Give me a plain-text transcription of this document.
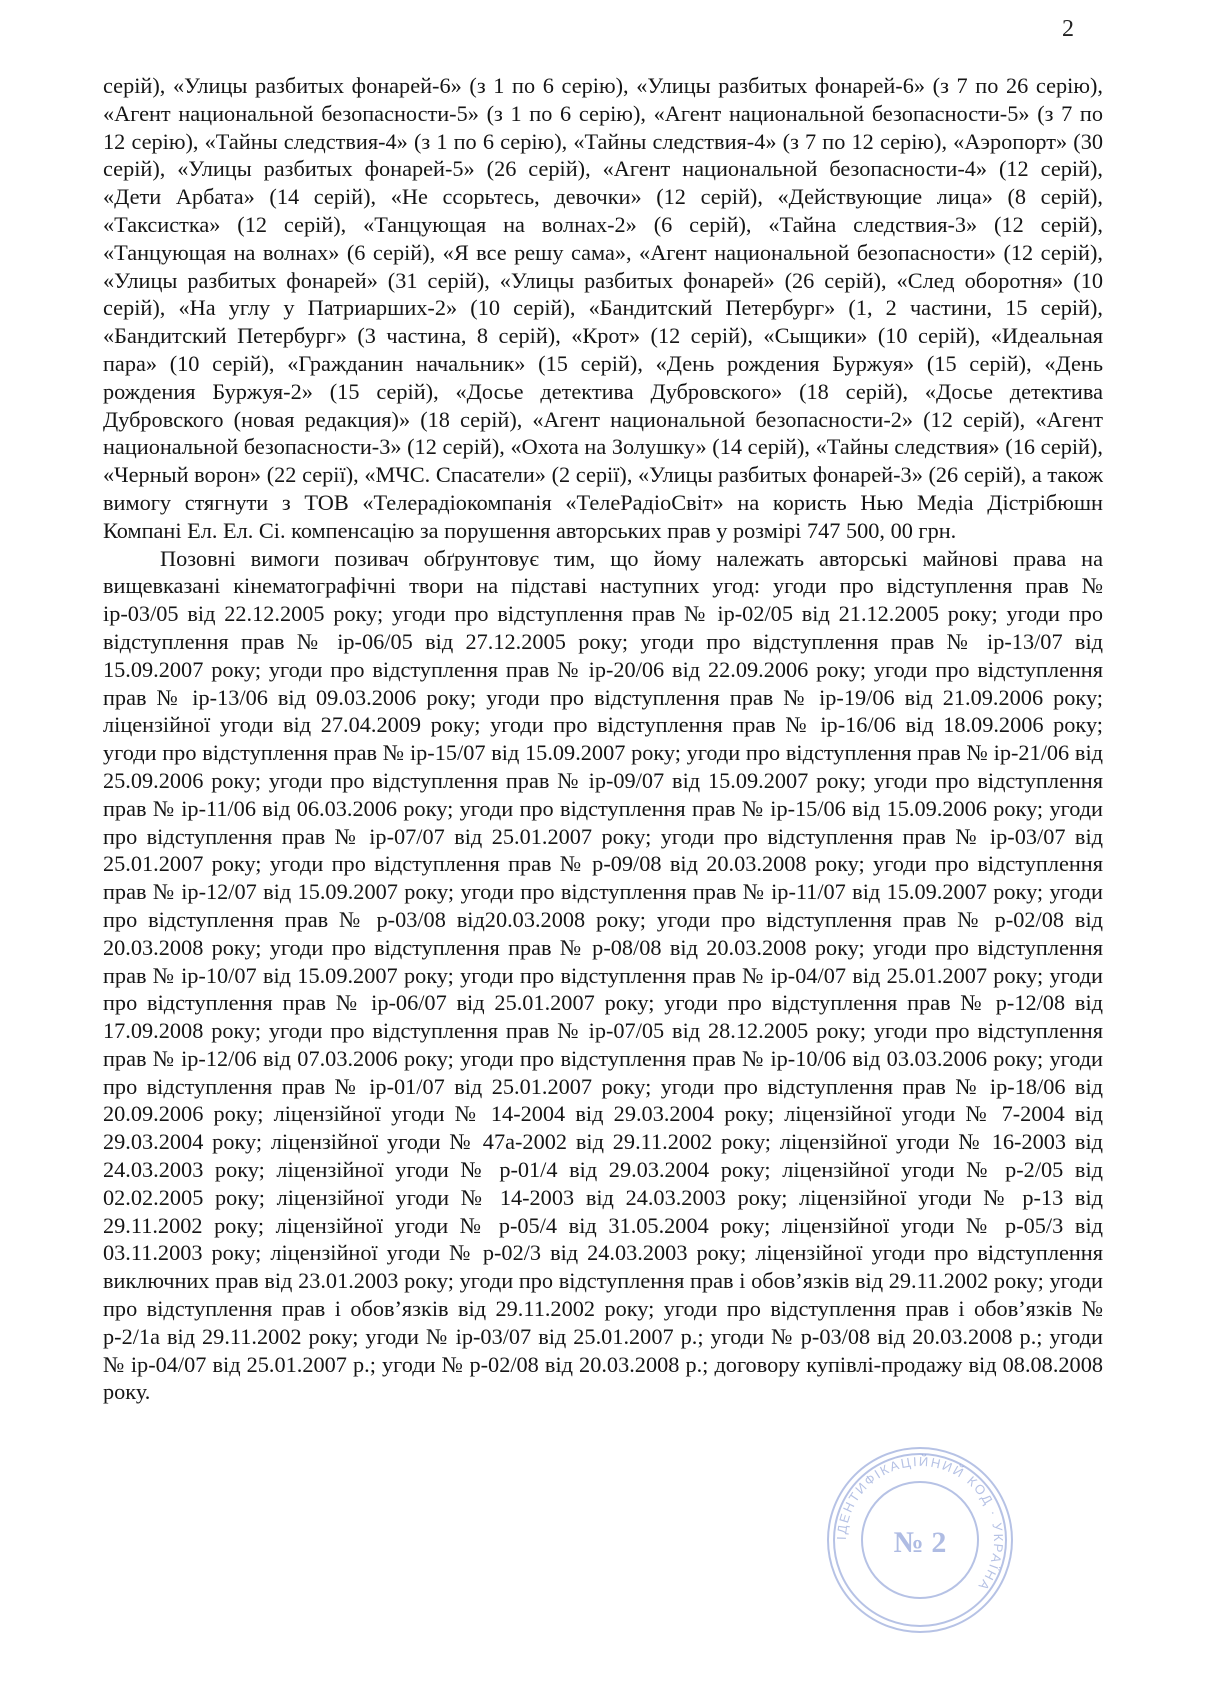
2

серій), «Улицы разбитых фонарей-6» (з 1 по 6 серію), «Улицы разбитых фонарей-6» (з 7 по 26 серію), «Агент национальной безопасности-5» (з 1 по 6 серію), «Агент национальной безопасности-5» (з 7 по 12 серію), «Тайны следствия-4» (з 1 по 6 серію), «Тайны следствия-4» (з 7 по 12 серію), «Аэропорт» (30 серій), «Улицы разбитых фонарей-5» (26 серій), «Агент национальной безопасности-4» (12 серій), «Дети Арбата» (14 серій), «Не ссорьтесь, девочки» (12 серій), «Действующие лица» (8 серій), «Таксистка» (12 серій), «Танцующая на волнах-2» (6 серій), «Тайна следствия-3» (12 серій), «Танцующая на волнах» (6 серій), «Я все решу сама», «Агент национальной безопасности» (12 серій), «Улицы разбитых фонарей» (31 серій), «Улицы разбитых фонарей» (26 серій), «След оборотня» (10 серій), «На углу у Патриарших-2» (10 серій), «Бандитский Петербург» (1, 2 частини, 15 серій), «Бандитский Петербург» (3 частина, 8 серій), «Крот» (12 серій), «Сыщики» (10 серій), «Идеальная пара» (10 серій), «Гражданин начальник» (15 серій), «День рождения Буржуя» (15 серій), «День рождения Буржуя-2» (15 серій), «Досье детектива Дубровского» (18 серій), «Досье детектива Дубровского (новая редакция)» (18 серій), «Агент национальной безопасности-2» (12 серій), «Агент национальной безопасности-3» (12 серій), «Охота на Золушку» (14 серій), «Тайны следствия» (16 серій), «Черный ворон» (22 серії), «МЧС. Спасатели» (2 серії), «Улицы разбитых фонарей-3» (26 серій), а також вимогу стягнути з ТОВ «Телерадіокомпанія «ТелеРадіоСвіт» на користь Нью Медіа Дістрібюшн Компані Ел. Ел. Сі. компенсацію за порушення авторських прав у розмірі 747 500, 00 грн.

Позовні вимоги позивач обґрунтовує тим, що йому належать авторські майнові права на вищевказані кінематографічні твори на підставі наступних угод: угоди про відступлення прав № ір-03/05 від 22.12.2005 року; угоди про відступлення прав № ір-02/05 від 21.12.2005 року; угоди про відступлення прав № ір-06/05 від 27.12.2005 року; угоди про відступлення прав № ір-13/07 від 15.09.2007 року; угоди про відступлення прав № ір-20/06 від 22.09.2006 року; угоди про відступлення прав № ір-13/06 від 09.03.2006 року; угоди про відступлення прав № ір-19/06 від 21.09.2006 року; ліцензійної угоди від 27.04.2009 року; угоди про відступлення прав № ір-16/06 від 18.09.2006 року; угоди про відступлення прав № ір-15/07 від 15.09.2007 року; угоди про відступлення прав № ір-21/06 від 25.09.2006 року; угоди про відступлення прав № ір-09/07 від 15.09.2007 року; угоди про відступлення прав № ір-11/06 від 06.03.2006 року; угоди про відступлення прав № ір-15/06 від 15.09.2006 року; угоди про відступлення прав № ір-07/07 від 25.01.2007 року; угоди про відступлення прав № ір-03/07 від 25.01.2007 року; угоди про відступлення прав № р-09/08 від 20.03.2008 року; угоди про відступлення прав № ір-12/07 від 15.09.2007 року; угоди про відступлення прав № ір-11/07 від 15.09.2007 року; угоди про відступлення прав № р-03/08 від20.03.2008 року; угоди про відступлення прав № р-02/08 від 20.03.2008 року; угоди про відступлення прав № р-08/08 від 20.03.2008 року; угоди про відступлення прав № ір-10/07 від 15.09.2007 року; угоди про відступлення прав № ір-04/07 від 25.01.2007 року; угоди про відступлення прав № ір-06/07 від 25.01.2007 року; угоди про відступлення прав № р-12/08 від 17.09.2008 року; угоди про відступлення прав № ір-07/05 від 28.12.2005 року; угоди про відступлення прав № ір-12/06 від 07.03.2006 року; угоди про відступлення прав № ір-10/06 від 03.03.2006 року; угоди про відступлення прав № ір-01/07 від 25.01.2007 року; угоди про відступлення прав № ір-18/06 від 20.09.2006 року; ліцензійної угоди № 14-2004 від 29.03.2004 року; ліцензійної угоди № 7-2004 від 29.03.2004 року; ліцензійної угоди № 47а-2002 від 29.11.2002 року; ліцензійної угоди № 16-2003 від 24.03.2003 року; ліцензійної угоди № р-01/4 від 29.03.2004 року; ліцензійної угоди № р-2/05 від 02.02.2005 року; ліцензійної угоди № 14-2003 від 24.03.2003 року; ліцензійної угоди № р-13 від 29.11.2002 року; ліцензійної угоди № р-05/4 від 31.05.2004 року; ліцензійної угоди № р-05/3 від 03.11.2003 року; ліцензійної угоди № р-02/3 від 24.03.2003 року; ліцензійної угоди про відступлення виключних прав від 23.01.2003 року; угоди про відступлення прав і обов’язків від 29.11.2002 року; угоди про відступлення прав і обов’язків від 29.11.2002 року; угоди про відступлення прав і обов’язків № р-2/1а від 29.11.2002 року; угоди № ір-03/07 від 25.01.2007 р.; угоди № р-03/08 від 20.03.2008 р.; угоди № ір-04/07 від 25.01.2007 р.; угоди № р-02/08 від 20.03.2008 р.; договору купівлі-продажу від 08.08.2008 року.

ІДЕНТИФІКАЦІЙНИЙ КОД · УКРАЇНА
№ 2
